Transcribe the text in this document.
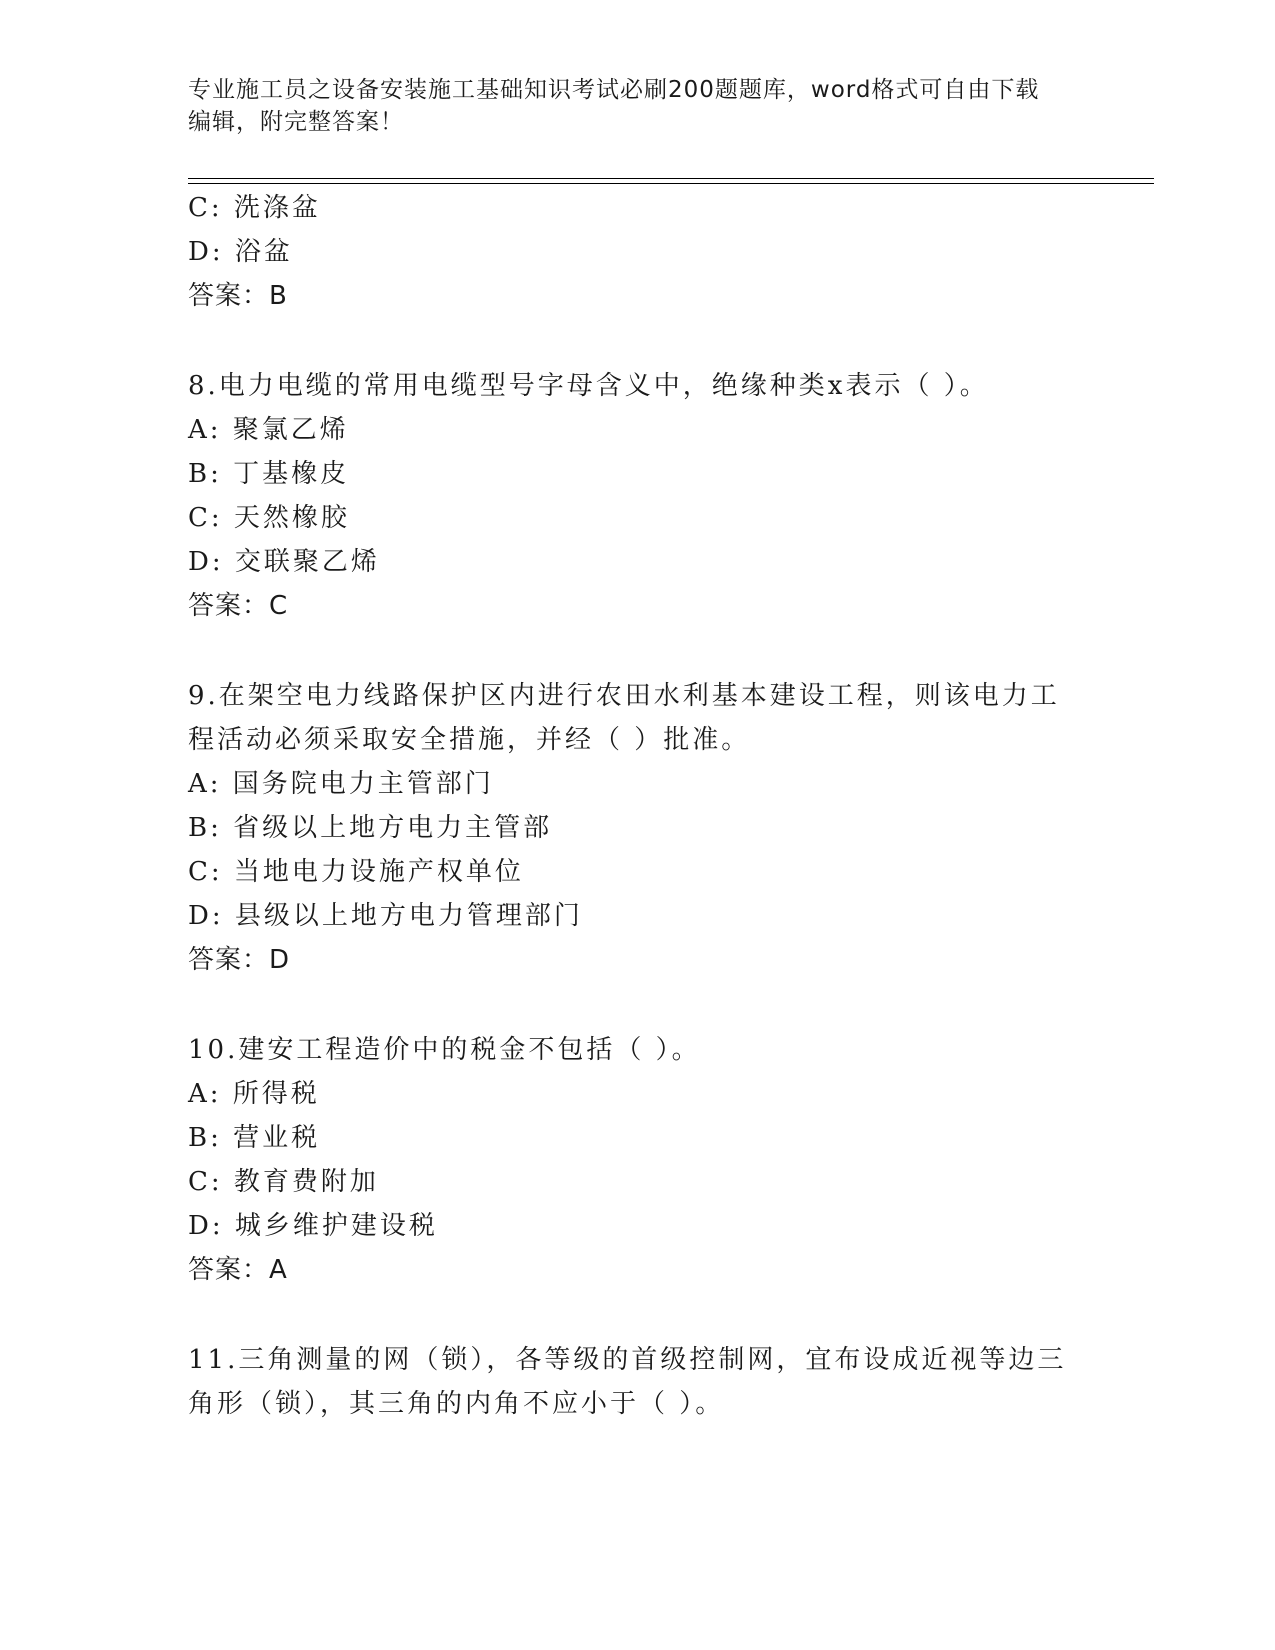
专业施工员之设备安装施工基础知识考试必刷200题题库，word格式可自由下载
编辑，附完整答案！
C: 洗涤盆
D: 浴盆
答案：B
8.电力电缆的常用电缆型号字母含义中，绝缘种类x表示（ ）。
A: 聚氯乙烯
B: 丁基橡皮
C: 天然橡胶
D: 交联聚乙烯
答案：C
9.在架空电力线路保护区内进行农田水利基本建设工程，则该电力工
程活动必须采取安全措施，并经（ ）批准。
A: 国务院电力主管部门
B: 省级以上地方电力主管部
C: 当地电力设施产权单位
D: 县级以上地方电力管理部门
答案：D
10.建安工程造价中的税金不包括（ ）。
A: 所得税
B: 营业税
C: 教育费附加
D: 城乡维护建设税
答案：A
11.三角测量的网（锁），各等级的首级控制网，宜布设成近视等边三
角形（锁），其三角的内角不应小于（ ）。
